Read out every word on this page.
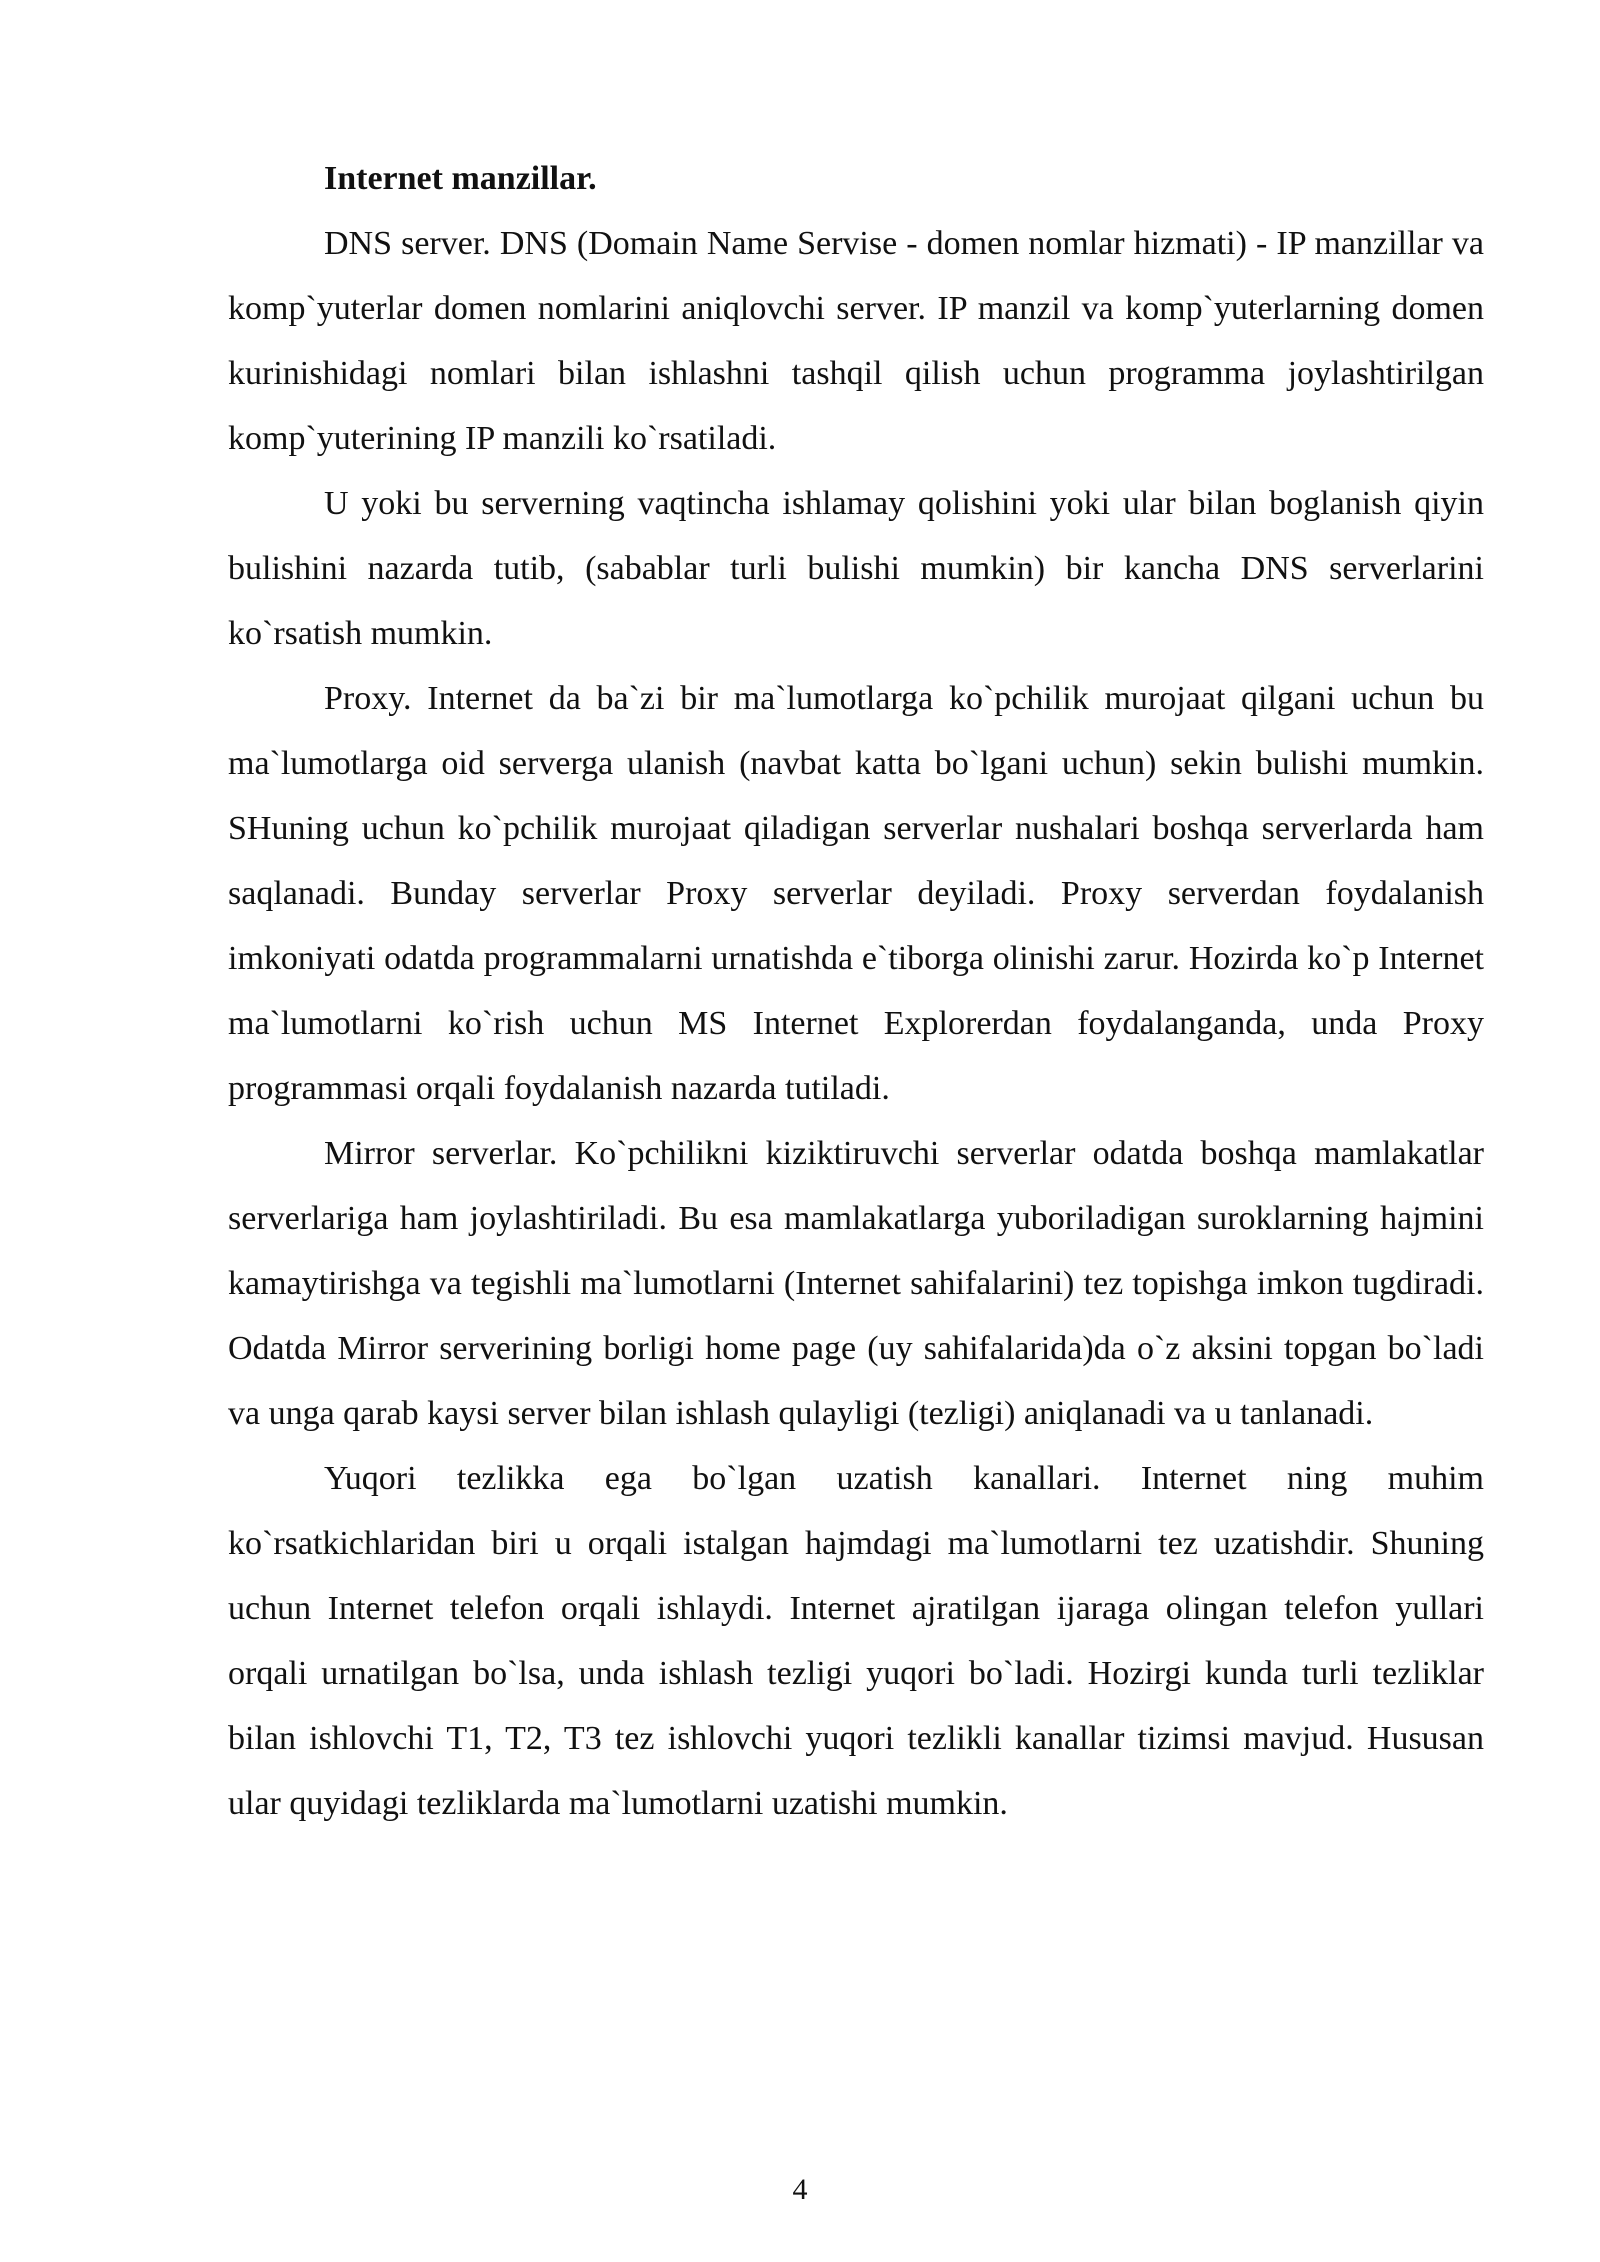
Internet manzillar.

DNS server. DNS (Domain Name Servise - domen nomlar hizmati) - IP manzillar va komp`yuterlar domen nomlarini aniqlovchi server. IP manzil va komp`yuterlarning domen kurinishidagi nomlari bilan ishlashni tashqil qilish uchun programma joylashtirilgan komp`yuterining IP manzili ko`rsatiladi.

U yoki bu serverning vaqtincha ishlamay qolishini yoki ular bilan boglanish qiyin bulishini nazarda tutib, (sabablar turli bulishi mumkin) bir kancha DNS serverlarini ko`rsatish mumkin.

Proxy. Internet da ba`zi bir ma`lumotlarga ko`pchilik murojaat qilgani uchun bu ma`lumotlarga oid serverga ulanish (navbat katta bo`lgani uchun) sekin bulishi mumkin. SHuning uchun ko`pchilik murojaat qiladigan serverlar nushalari boshqa serverlarda ham saqlanadi. Bunday serverlar Proxy serverlar deyiladi. Proxy serverdan foydalanish imkoniyati odatda programmalarni urnatishda e`tiborga olinishi zarur. Hozirda ko`p Internet ma`lumotlarni ko`rish uchun MS Internet Explorerdan foydalanganda, unda Proxy programmasi orqali foydalanish nazarda tutiladi.

Mirror serverlar. Ko`pchilikni kiziktiruvchi serverlar odatda boshqa mamlakatlar serverlariga ham joylashtiriladi. Bu esa mamlakatlarga yuboriladigan suroklarning hajmini kamaytirishga va tegishli ma`lumotlarni (Internet sahifalarini) tez topishga imkon tugdiradi. Odatda Mirror serverining borligi home page (uy sahifalarida)da o`z aksini topgan bo`ladi va unga qarab kaysi server bilan ishlash qulayligi (tezligi) aniqlanadi va u tanlanadi.

Yuqori tezlikka ega bo`lgan uzatish kanallari. Internet ning muhim ko`rsatkichlaridan biri u orqali istalgan hajmdagi ma`lumotlarni tez uzatishdir. Shuning uchun Internet telefon orqali ishlaydi. Internet ajratilgan ijaraga olingan telefon yullari orqali urnatilgan bo`lsa, unda ishlash tezligi yuqori bo`ladi. Hozirgi kunda turli tezliklar bilan ishlovchi T1, T2, T3 tez ishlovchi yuqori tezlikli kanallar tizimsi mavjud. Hususan ular quyidagi tezliklarda ma`lumotlarni uzatishi mumkin.

4
